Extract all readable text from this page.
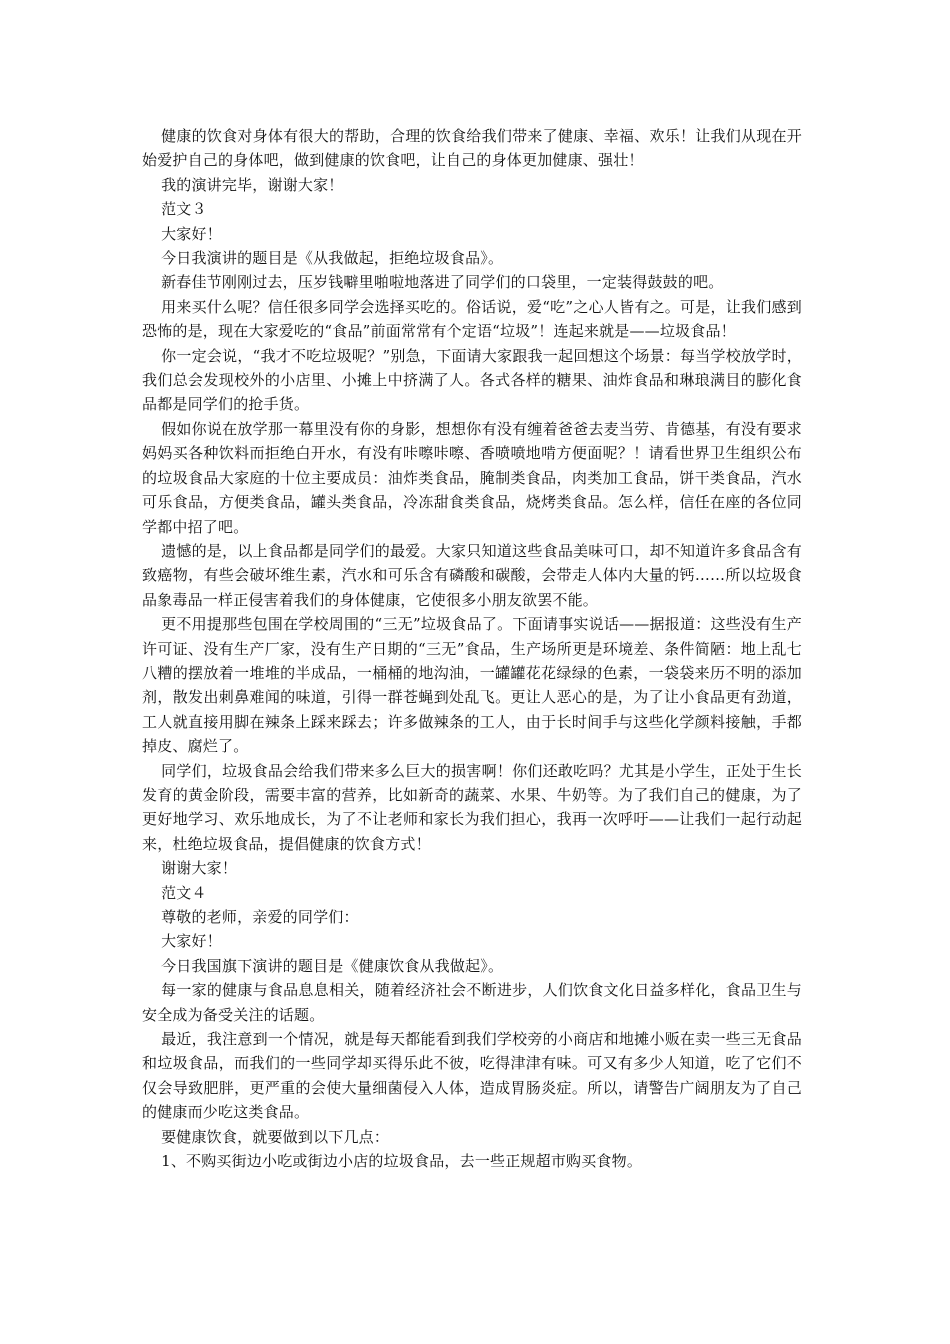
健康的饮食对身体有很大的帮助，合理的饮食给我们带来了健康、幸福、欢乐！让我们从现在开始爱护自己的身体吧，做到健康的饮食吧，让自己的身体更加健康、强壮！

我的演讲完毕，谢谢大家！

范文３

大家好！

今日我演讲的题目是《从我做起，拒绝垃圾食品》。

新春佳节刚刚过去，压岁钱噼里啪啦地落进了同学们的口袋里，一定装得鼓鼓的吧。

用来买什么呢？信任很多同学会选择买吃的。俗话说，爱“吃”之心人皆有之。可是，让我们感到恐怖的是，现在大家爱吃的“食品”前面常常有个定语“垃圾”！连起来就是——垃圾食品！

你一定会说，“我才不吃垃圾呢？”别急，下面请大家跟我一起回想这个场景：每当学校放学时，我们总会发现校外的小店里、小摊上中挤满了人。各式各样的糖果、油炸食品和琳琅满目的膨化食品都是同学们的抢手货。

假如你说在放学那一幕里没有你的身影，想想你有没有缠着爸爸去麦当劳、肯德基，有没有要求妈妈买各种饮料而拒绝白开水，有没有咔嚓咔嚓、香喷喷地啃方便面呢？！请看世界卫生组织公布的垃圾食品大家庭的十位主要成员：油炸类食品，腌制类食品，肉类加工食品，饼干类食品，汽水可乐食品，方便类食品，罐头类食品，冷冻甜食类食品，烧烤类食品。怎么样，信任在座的各位同学都中招了吧。

遗憾的是，以上食品都是同学们的最爱。大家只知道这些食品美味可口，却不知道许多食品含有致癌物，有些会破坏维生素，汽水和可乐含有磷酸和碳酸，会带走人体内大量的钙……所以垃圾食品象毒品一样正侵害着我们的身体健康，它使很多小朋友欲罢不能。

更不用提那些包围在学校周围的“三无”垃圾食品了。下面请事实说话——据报道：这些没有生产许可证、没有生产厂家，没有生产日期的“三无”食品，生产场所更是环境差、条件简陋：地上乱七八糟的摆放着一堆堆的半成品，一桶桶的地沟油，一罐罐花花绿绿的色素，一袋袋来历不明的添加剂，散发出刺鼻难闻的味道，引得一群苍蝇到处乱飞。更让人恶心的是，为了让小食品更有劲道，工人就直接用脚在辣条上踩来踩去；许多做辣条的工人，由于长时间手与这些化学颜料接触，手都掉皮、腐烂了。

同学们，垃圾食品会给我们带来多么巨大的损害啊！你们还敢吃吗？尤其是小学生，正处于生长发育的黄金阶段，需要丰富的营养，比如新奇的蔬菜、水果、牛奶等。为了我们自己的健康，为了更好地学习、欢乐地成长，为了不让老师和家长为我们担心，我再一次呼吁——让我们一起行动起来，杜绝垃圾食品，提倡健康的饮食方式！

谢谢大家！

范文４

尊敬的老师，亲爱的同学们：

大家好！

今日我国旗下演讲的题目是《健康饮食从我做起》。

每一家的健康与食品息息相关，随着经济社会不断进步，人们饮食文化日益多样化，食品卫生与安全成为备受关注的话题。

最近，我注意到一个情况，就是每天都能看到我们学校旁的小商店和地摊小贩在卖一些三无食品和垃圾食品，而我们的一些同学却买得乐此不彼，吃得津津有味。可又有多少人知道，吃了它们不仅会导致肥胖，更严重的会使大量细菌侵入人体，造成胃肠炎症。所以，请警告广阔朋友为了自己的健康而少吃这类食品。

要健康饮食，就要做到以下几点：

1、不购买街边小吃或街边小店的垃圾食品，去一些正规超市购买食物。
